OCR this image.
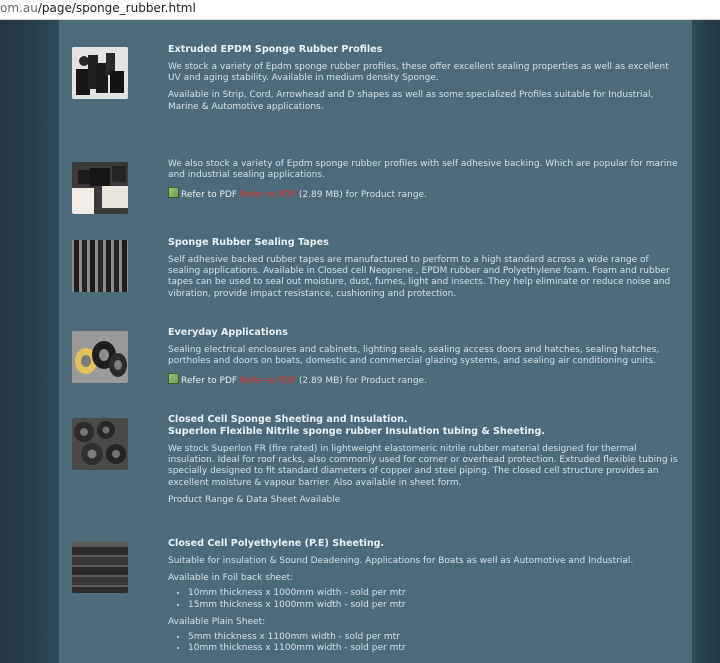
om.au/page/sponge_rubber.html

Extruded EPDM Sponge Rubber Profiles

We stock a variety of Epdm sponge rubber profiles, these offer excellent sealing properties as well as excellent UV and aging stability. Available in medium density Sponge.

Available in Strip, Cord, Arrowhead and D shapes as well as some specialized Profiles suitable for Industrial, Marine & Automotive applications.

We also stock a variety of Epdm sponge rubber profiles with self adhesive backing. Which are popular for marine and industrial sealing applications.

Refer to PDF Refer to PDF (2.89 MB) for Product range.

Sponge Rubber Sealing Tapes

Self adhesive backed rubber tapes are manufactured to perform to a high standard across a wide range of sealing applications. Available in Closed cell Neoprene , EPDM rubber and Polyethylene foam. Foam and rubber tapes can be used to seal out moisture, dust, fumes, light and insects. They help eliminate or reduce noise and vibration, provide impact resistance, cushioning and protection.

Everyday Applications

Sealing electrical enclosures and cabinets, lighting seals, sealing access doors and hatches, sealing hatches, portholes and doors on boats, domestic and commercial glazing systems, and sealing air conditioning units.

Refer to PDF Refer to PDF (2.89 MB) for Product range.

Closed Cell Sponge Sheeting and Insulation.

Superlon Flexible Nitrile sponge rubber Insulation tubing & Sheeting.

We stock Superlon FR (fire rated) in lightweight elastomeric nitrile rubber material designed for thermal insulation. Ideal for roof racks, also commonly used for corner or overhead protection. Extruded flexible tubing is specially designed to fit standard diameters of copper and steel piping. The closed cell structure provides an excellent moisture & vapour barrier. Also available in sheet form.

Product Range & Data Sheet Available

Closed Cell Polyethylene (P.E) Sheeting.

Suitable for insulation & Sound Deadening. Applications for Boats as well as Automotive and Industrial.

Available in Foil back sheet:

• 10mm thickness x 1000mm width - sold per mtr
• 15mm thickness x 1000mm width - sold per mtr

Available Plain Sheet:

• 5mm thickness x 1100mm width - sold per mtr
• 10mm thickness x 1100mm width - sold per mtr
